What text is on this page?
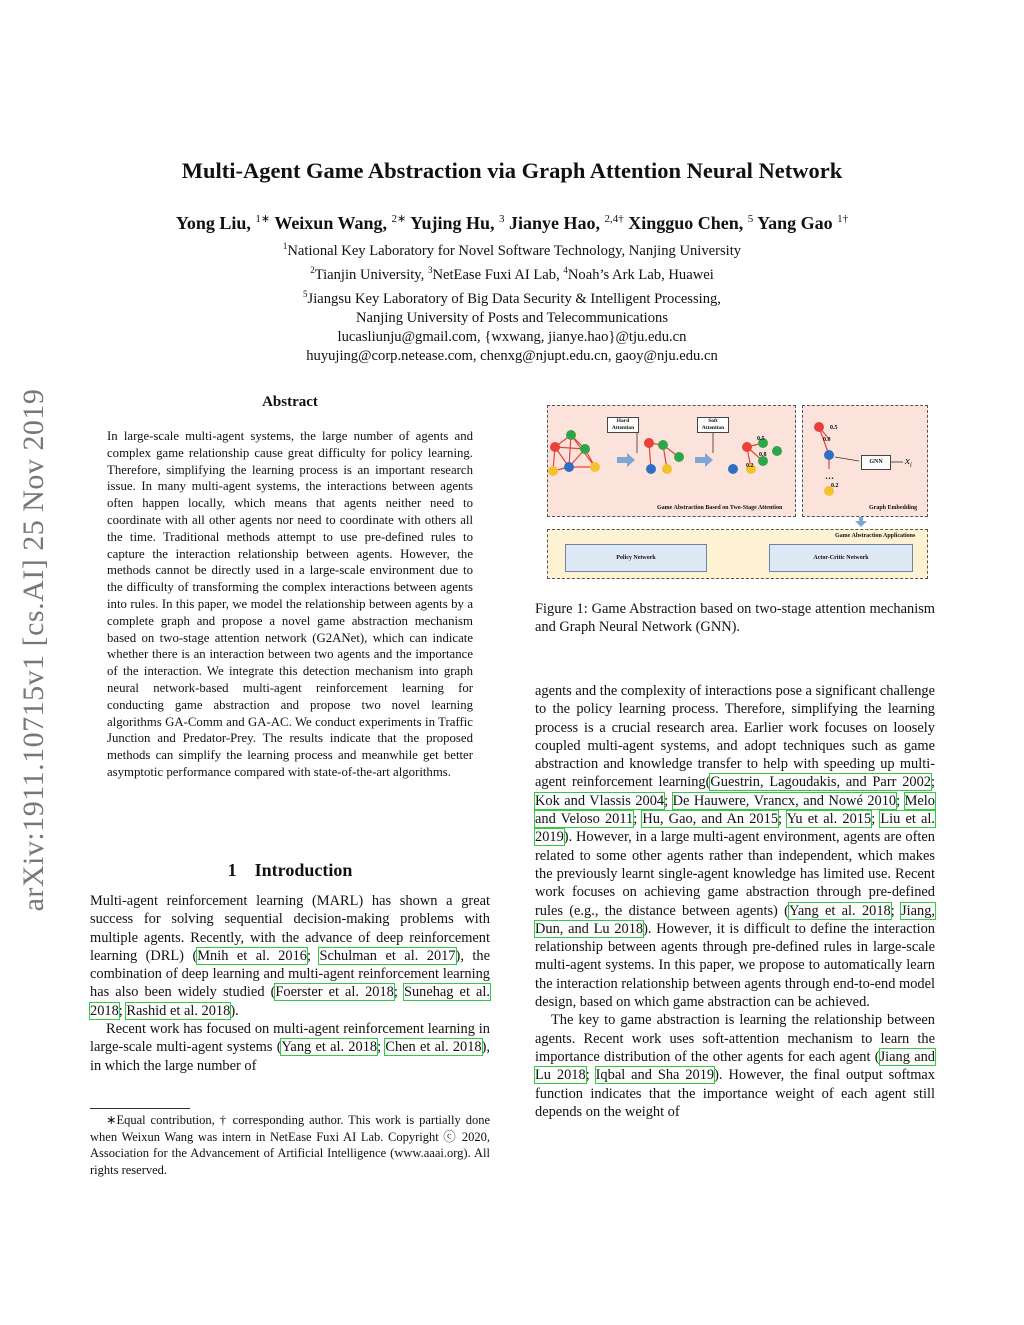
arXiv:1911.10715v1 [cs.AI] 25 Nov 2019
Multi-Agent Game Abstraction via Graph Attention Neural Network
Yong Liu, $^{1∗}$ Weixun Wang, $^{2∗}$ Yujing Hu, $^3$ Jianye Hao, $^{2,4\dagger}$ Xingguo Chen, $^5$ Yang Gao $^{1\dagger}$
$^1$National Key Laboratory for Novel Software Technology, Nanjing University
$^2$Tianjin University, $^3$NetEase Fuxi AI Lab, $^4$Noah’s Ark Lab, Huawei
$^5$Jiangsu Key Laboratory of Big Data Security & Intelligent Processing,
Nanjing University of Posts and Telecommunications
lucasliunju@gmail.com, {wxwang, jianye.hao}@tju.edu.cn
huyujing@corp.netease.com, chenxg@njupt.edu.cn, gaoy@nju.edu.cn
Abstract
In large-scale multi-agent systems, the large number of agents and complex game relationship cause great difficulty for policy learning. Therefore, simplifying the learning process is an important research issue. In many multi-agent systems, the interactions between agents often happen locally, which means that agents neither need to coordinate with all other agents nor need to coordinate with others all the time. Traditional methods attempt to use pre-defined rules to capture the interaction relationship between agents. However, the methods cannot be directly used in a large-scale environment due to the difficulty of transforming the complex interactions between agents into rules. In this paper, we model the relationship between agents by a complete graph and propose a novel game abstraction mechanism based on two-stage attention network (G2ANet), which can indicate whether there is an interaction between two agents and the importance of the interaction. We integrate this detection mechanism into graph neural network-based multi-agent reinforcement learning for conducting game abstraction and propose two novel learning algorithms GA-Comm and GA-AC. We conduct experiments in Traffic Junction and Predator-Prey. The results indicate that the proposed methods can simplify the learning process and meanwhile get better asymptotic performance compared with state-of-the-art algorithms.
1 Introduction

Multi-agent reinforcement learning (MARL) has shown a great success for solving sequential decision-making problems with multiple agents. Recently, with the advance of deep reinforcement learning (DRL) (Mnih et al. 2016; Schulman et al. 2017), the combination of deep learning and multi-agent reinforcement learning has also been widely studied (Foerster et al. 2018; Sunehag et al. 2018; Rashid et al. 2018).

Recent work has focused on multi-agent reinforcement learning in large-scale multi-agent systems (Yang et al. 2018; Chen et al. 2018), in which the large number of

∗Equal contribution, † corresponding author. This work is partially done when Weixun Wang was intern in NetEase Fuxi AI Lab. Copyright ⓒ 2020, Association for the Advancement of Artificial Intelligence (www.aaai.org). All rights reserved.

Hard Attention
Soft Attention
0.5
0.8
0.2
0.5
0.8
0.2
…
GNN	$x_i$
Game Abstraction Based on Two-Stage Attention	Graph Embedding
Game Abstraction Applications
Policy Network	Actor-Critic Network
Figure 1: Game Abstraction based on two-stage attention mechanism and Graph Neural Network (GNN).

agents and the complexity of interactions pose a significant challenge to the policy learning process. Therefore, simplifying the learning process is a crucial research area. Earlier work focuses on loosely coupled multi-agent systems, and adopt techniques such as game abstraction and knowledge transfer to help with speeding up multi-agent reinforcement learning(Guestrin, Lagoudakis, and Parr 2002; Kok and Vlassis 2004; De Hauwere, Vrancx, and Nowé 2010; Melo and Veloso 2011; Hu, Gao, and An 2015; Yu et al. 2015; Liu et al. 2019). However, in a large multi-agent environment, agents are often related to some other agents rather than independent, which makes the previously learnt single-agent knowledge has limited use. Recent work focuses on achieving game abstraction through pre-defined rules (e.g., the distance between agents) (Yang et al. 2018; Jiang, Dun, and Lu 2018). However, it is difficult to define the interaction relationship between agents through pre-defined rules in large-scale multi-agent systems. In this paper, we propose to automatically learn the interaction relationship between agents through end-to-end model design, based on which game abstraction can be achieved.

The key to game abstraction is learning the relationship between agents. Recent work uses soft-attention mechanism to learn the importance distribution of the other agents for each agent (Jiang and Lu 2018; Iqbal and Sha 2019). However, the final output softmax function indicates that the importance weight of each agent still depends on the weight of
